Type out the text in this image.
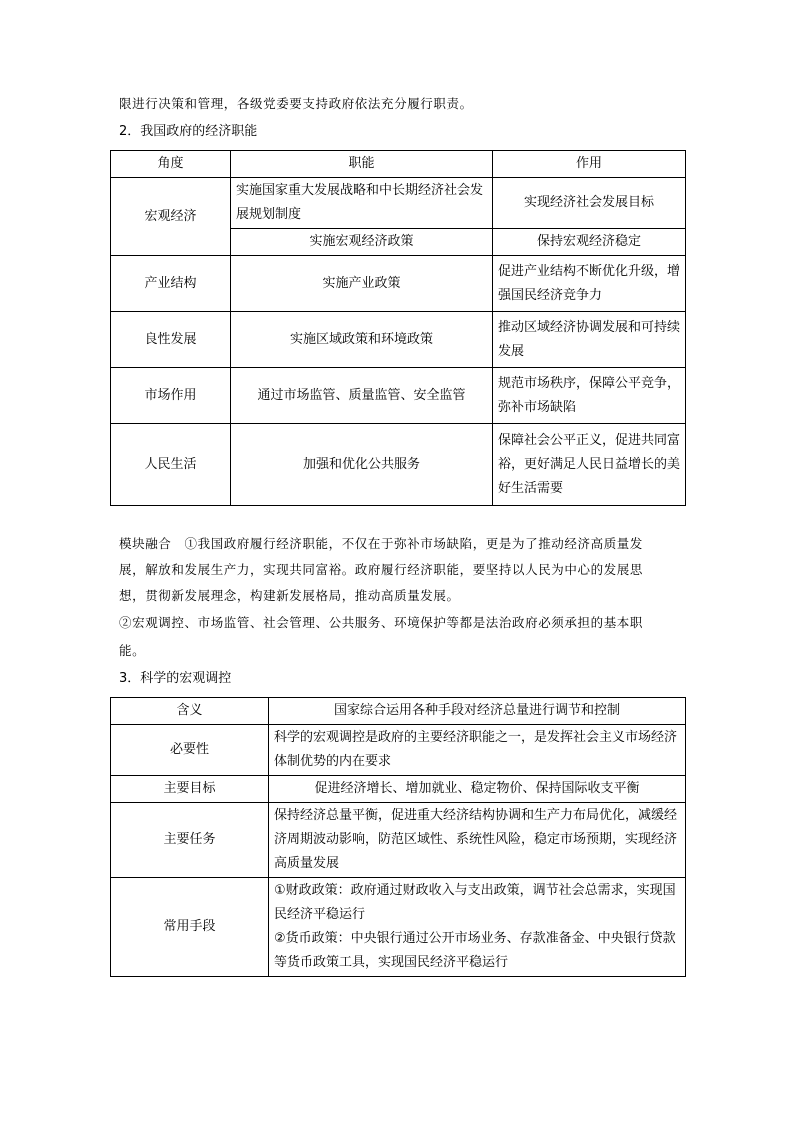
限进行决策和管理，各级党委要支持政府依法充分履行职责。
2．我国政府的经济职能
角度	职能	作用
宏观经济	实施国家重大发展战略和中长期经济社会发展规划制度	实现经济社会发展目标
	实施宏观经济政策	保持宏观经济稳定
产业结构	实施产业政策	促进产业结构不断优化升级，增强国民经济竞争力
良性发展	实施区域政策和环境政策	推动区域经济协调发展和可持续发展
市场作用	通过市场监管、质量监管、安全监管	规范市场秩序，保障公平竞争，弥补市场缺陷
人民生活	加强和优化公共服务	保障社会公平正义，促进共同富裕，更好满足人民日益增长的美好生活需要
模块融合　①我国政府履行经济职能，不仅在于弥补市场缺陷，更是为了推动经济高质量发
展，解放和发展生产力，实现共同富裕。政府履行经济职能，要坚持以人民为中心的发展思
想，贯彻新发展理念，构建新发展格局，推动高质量发展。
②宏观调控、市场监管、社会管理、公共服务、环境保护等都是法治政府必须承担的基本职
能。
3．科学的宏观调控
含义	国家综合运用各种手段对经济总量进行调节和控制
必要性	科学的宏观调控是政府的主要经济职能之一，是发挥社会主义市场经济体制优势的内在要求
主要目标	促进经济增长、增加就业、稳定物价、保持国际收支平衡
主要任务	保持经济总量平衡，促进重大经济结构协调和生产力布局优化，减缓经济周期波动影响，防范区域性、系统性风险，稳定市场预期，实现经济高质量发展
常用手段	①财政政策：政府通过财政收入与支出政策，调节社会总需求，实现国民经济平稳运行
②货币政策：中央银行通过公开市场业务、存款准备金、中央银行贷款等货币政策工具，实现国民经济平稳运行
